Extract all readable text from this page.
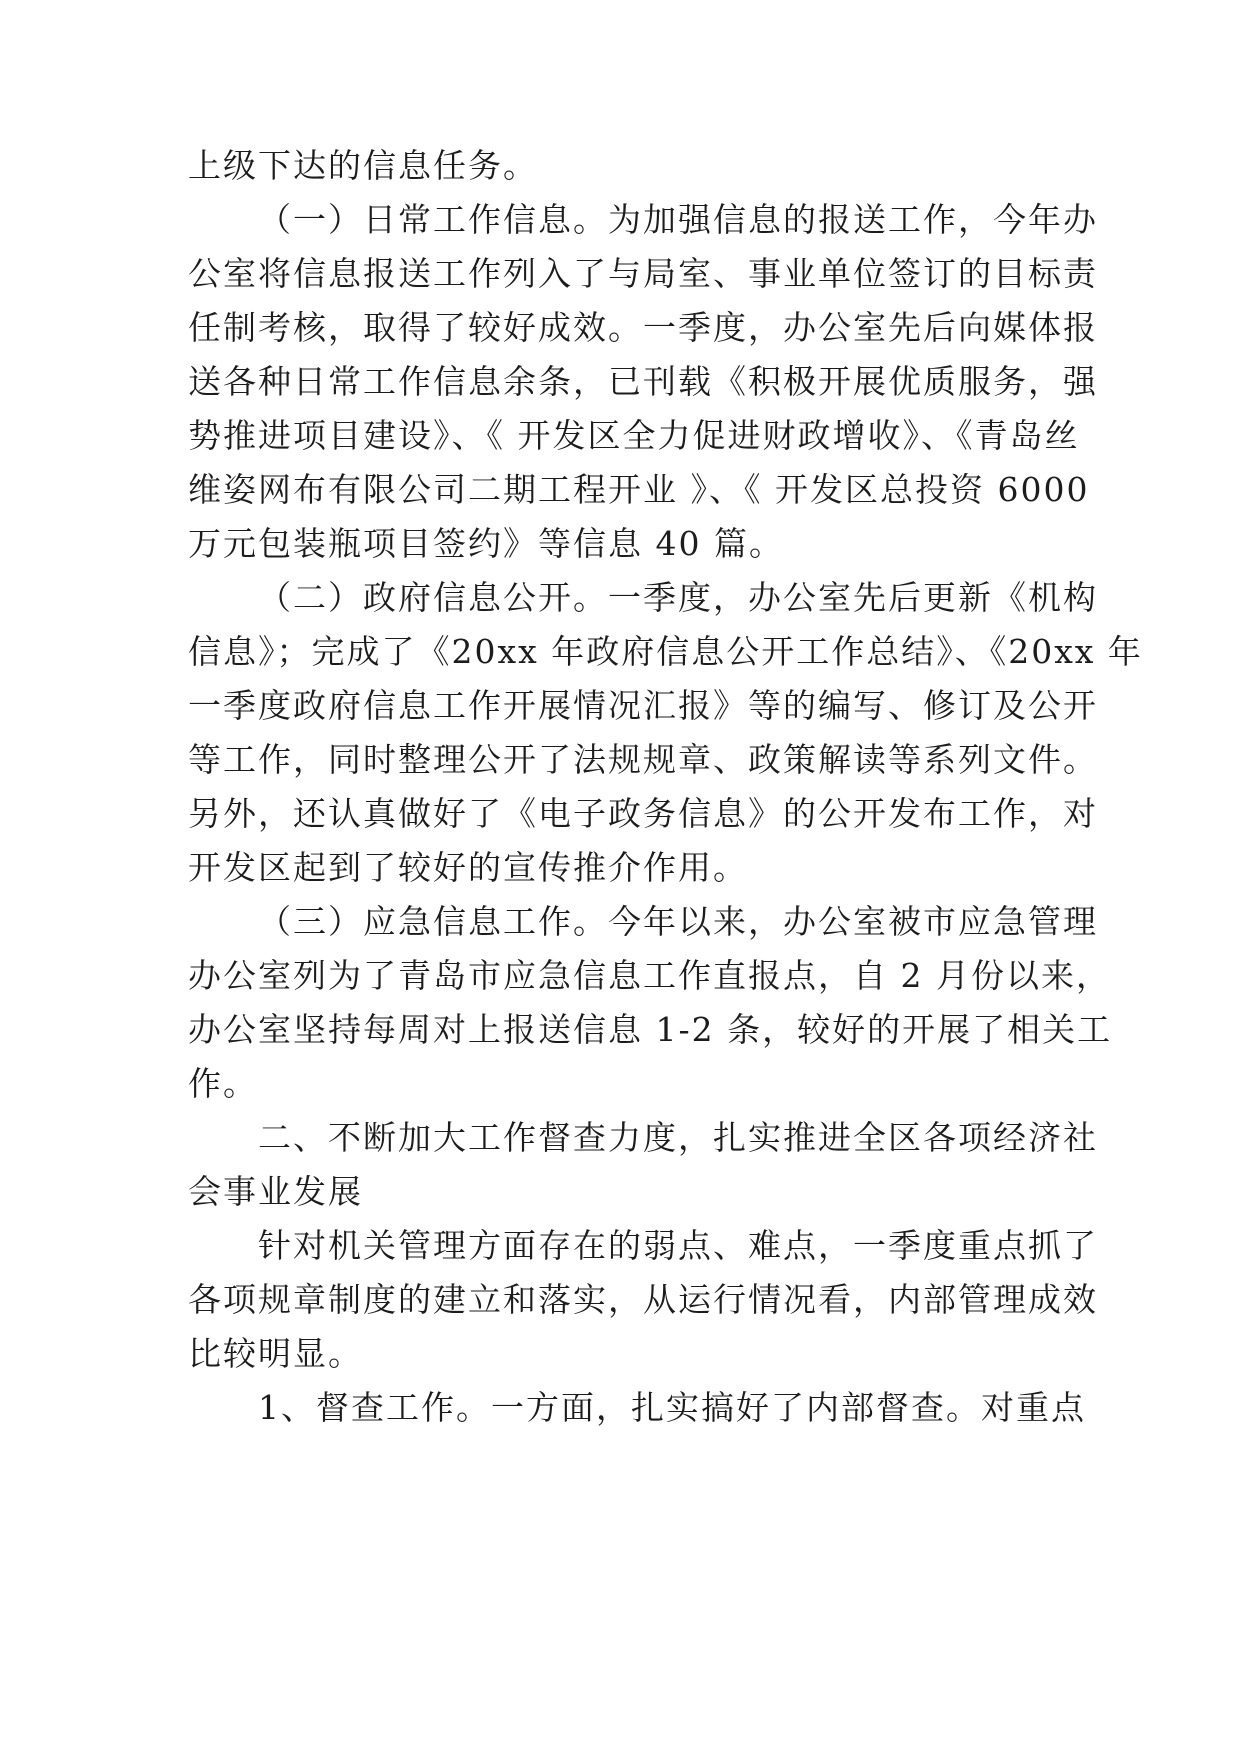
上级下达的信息任务。
（一）日常工作信息。为加强信息的报送工作，今年办
公室将信息报送工作列入了与局室、事业单位签订的目标责
任制考核，取得了较好成效。一季度，办公室先后向媒体报
送各种日常工作信息余条，已刊载《积极开展优质服务，强
势推进项目建设》、《 开发区全力促进财政增收》、《青岛丝
维姿网布有限公司二期工程开业 》、《 开发区总投资 6000
万元包装瓶项目签约》等信息 40 篇。
（二）政府信息公开。一季度，办公室先后更新《机构
信息》；完成了《20xx 年政府信息公开工作总结》、《20xx 年
一季度政府信息工作开展情况汇报》等的编写、修订及公开
等工作，同时整理公开了法规规章、政策解读等系列文件。
另外，还认真做好了《电子政务信息》的公开发布工作，对
开发区起到了较好的宣传推介作用。
（三）应急信息工作。今年以来，办公室被市应急管理
办公室列为了青岛市应急信息工作直报点，自 2 月份以来，
办公室坚持每周对上报送信息 1-2 条，较好的开展了相关工
作。
二、不断加大工作督查力度，扎实推进全区各项经济社
会事业发展
针对机关管理方面存在的弱点、难点，一季度重点抓了
各项规章制度的建立和落实，从运行情况看，内部管理成效
比较明显。
1、督查工作。一方面，扎实搞好了内部督查。对重点
